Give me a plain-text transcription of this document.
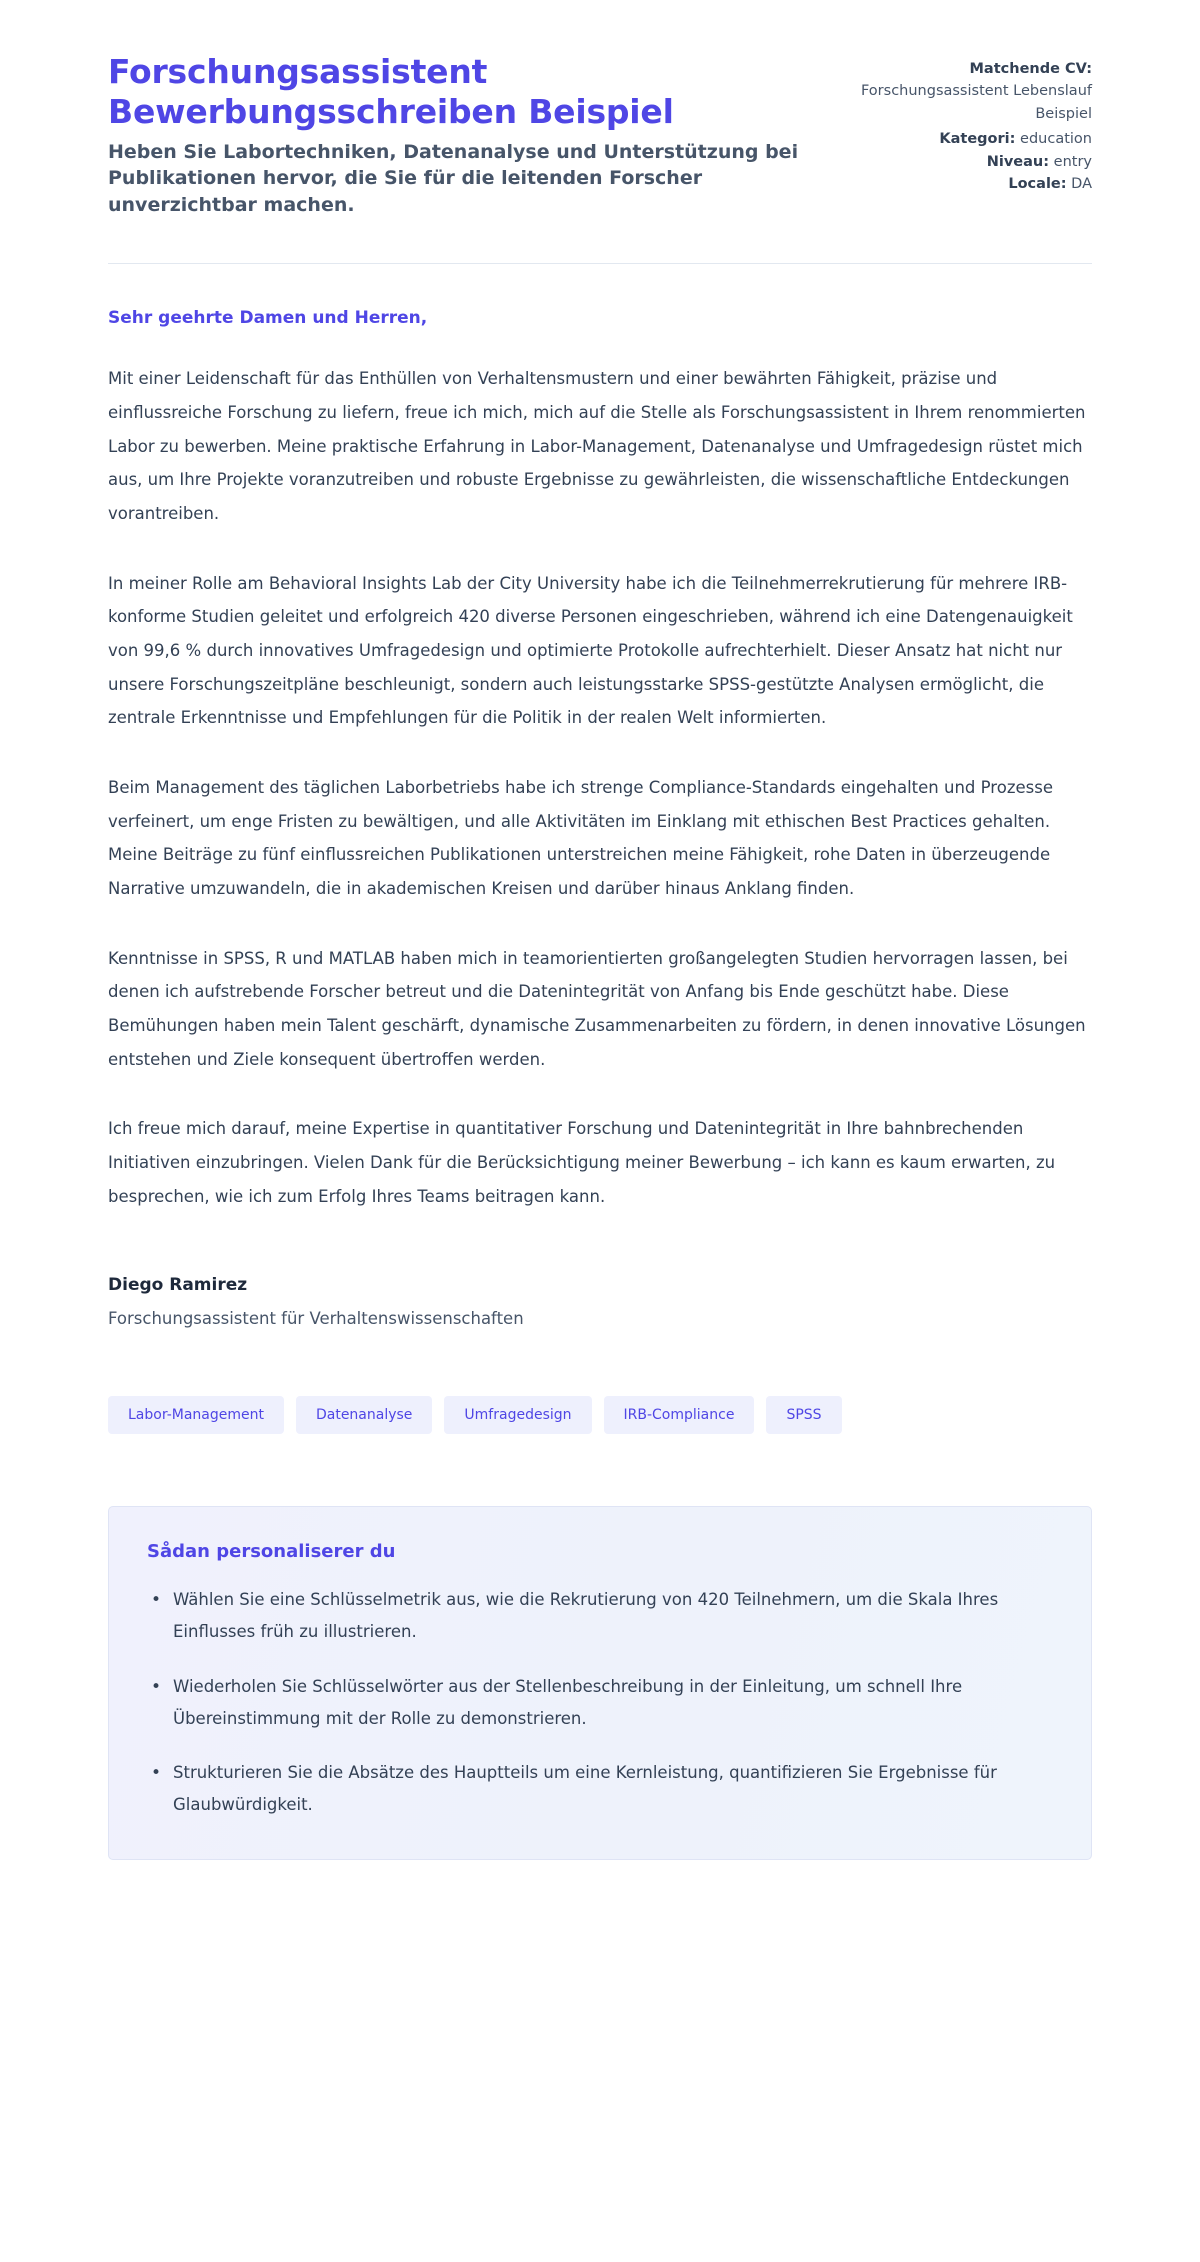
Forschungsassistent Bewerbungsschreiben Beispiel

Heben Sie Labortechniken, Datenanalyse und Unterstützung bei Publikationen hervor, die Sie für die leitenden Forscher unverzichtbar machen.

Matchende CV:
Forschungsassistent Lebenslauf Beispiel
Kategori: education
Niveau: entry
Locale: DA

Sehr geehrte Damen und Herren,

Mit einer Leidenschaft für das Enthüllen von Verhaltensmustern und einer bewährten Fähigkeit, präzise und einflussreiche Forschung zu liefern, freue ich mich, mich auf die Stelle als Forschungsassistent in Ihrem renommierten Labor zu bewerben. Meine praktische Erfahrung in Labor-Management, Datenanalyse und Umfragedesign rüstet mich aus, um Ihre Projekte voranzutreiben und robuste Ergebnisse zu gewährleisten, die wissenschaftliche Entdeckungen vorantreiben.

In meiner Rolle am Behavioral Insights Lab der City University habe ich die Teilnehmerrekrutierung für mehrere IRB-konforme Studien geleitet und erfolgreich 420 diverse Personen eingeschrieben, während ich eine Datengenauigkeit von 99,6 % durch innovatives Umfragedesign und optimierte Protokolle aufrechterhielt. Dieser Ansatz hat nicht nur unsere Forschungszeitpläne beschleunigt, sondern auch leistungsstarke SPSS-gestützte Analysen ermöglicht, die zentrale Erkenntnisse und Empfehlungen für die Politik in der realen Welt informierten.

Beim Management des täglichen Laborbetriebs habe ich strenge Compliance-Standards eingehalten und Prozesse verfeinert, um enge Fristen zu bewältigen, und alle Aktivitäten im Einklang mit ethischen Best Practices gehalten. Meine Beiträge zu fünf einflussreichen Publikationen unterstreichen meine Fähigkeit, rohe Daten in überzeugende Narrative umzuwandeln, die in akademischen Kreisen und darüber hinaus Anklang finden.

Kenntnisse in SPSS, R und MATLAB haben mich in teamorientierten großangelegten Studien hervorragen lassen, bei denen ich aufstrebende Forscher betreut und die Datenintegrität von Anfang bis Ende geschützt habe. Diese Bemühungen haben mein Talent geschärft, dynamische Zusammenarbeiten zu fördern, in denen innovative Lösungen entstehen und Ziele konsequent übertroffen werden.

Ich freue mich darauf, meine Expertise in quantitativer Forschung und Datenintegrität in Ihre bahnbrechenden Initiativen einzubringen. Vielen Dank für die Berücksichtigung meiner Bewerbung – ich kann es kaum erwarten, zu besprechen, wie ich zum Erfolg Ihres Teams beitragen kann.

Diego Ramirez

Forschungsassistent für Verhaltenswissenschaften

Labor-Management	Datenanalyse	Umfragedesign	IRB-Compliance	SPSS
Sådan personaliserer du
• Wählen Sie eine Schlüsselmetrik aus, wie die Rekrutierung von 420 Teilnehmern, um die Skala Ihres Einflusses früh zu illustrieren.
• Wiederholen Sie Schlüsselwörter aus der Stellenbeschreibung in der Einleitung, um schnell Ihre Übereinstimmung mit der Rolle zu demonstrieren.
• Strukturieren Sie die Absätze des Hauptteils um eine Kernleistung, quantifizieren Sie Ergebnisse für Glaubwürdigkeit.
